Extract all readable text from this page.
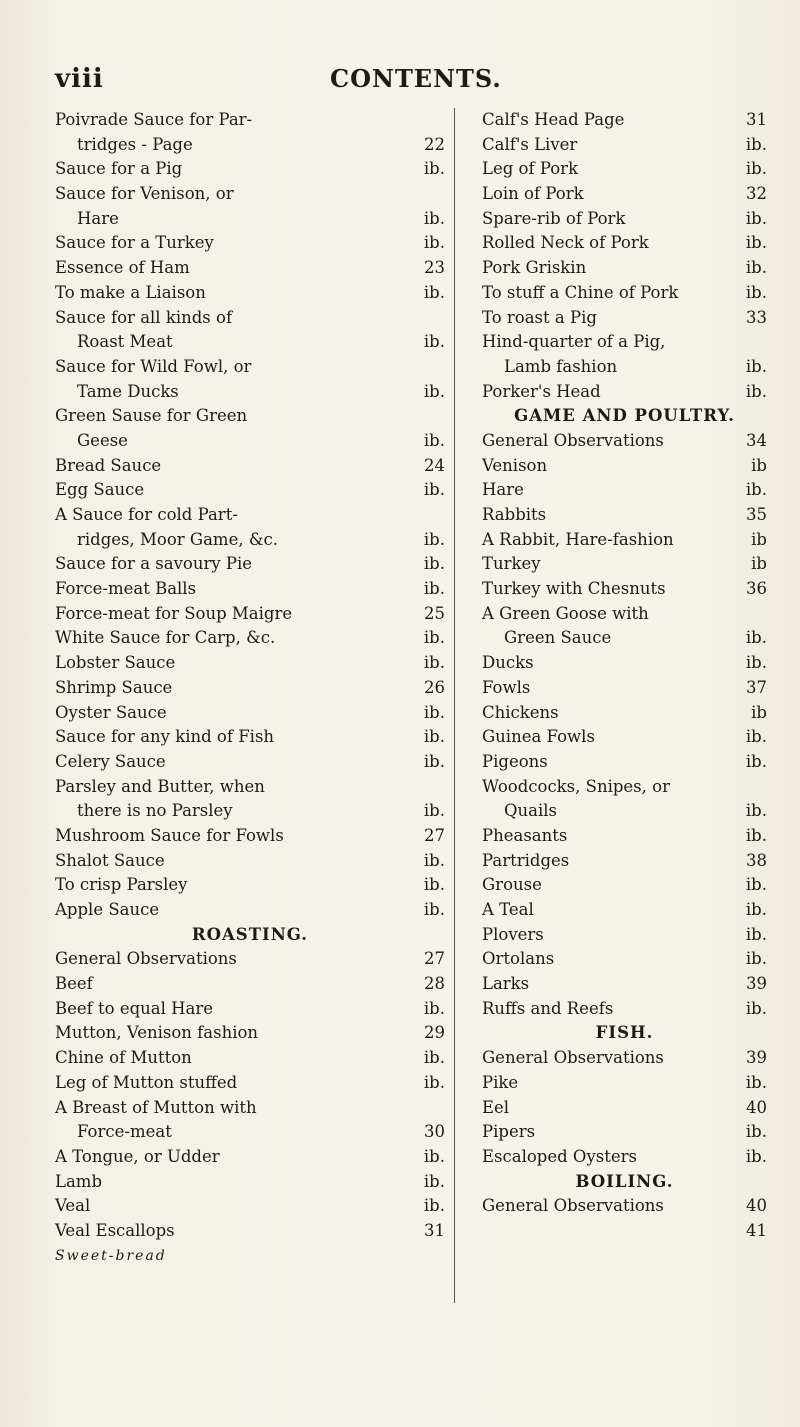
viii	CONTENTS.
Poivrade Sauce for Par-
tridges - Page	22
Sauce for a Pig	ib.
Sauce for Venison, or
Hare	ib.
Sauce for a Turkey	ib.
Essence of Ham	23
To make a Liaison	ib.
Sauce for all kinds of
Roast Meat	ib.
Sauce for Wild Fowl, or
Tame Ducks	ib.
Green Sause for Green
Geese	ib.
Bread Sauce	24
Egg Sauce	ib.
A Sauce for cold Part-
ridges, Moor Game, &c.	ib.
Sauce for a savoury Pie	ib.
Force-meat Balls	ib.
Force-meat for Soup Maigre	25
White Sauce for Carp, &c.	ib.
Lobster Sauce	ib.
Shrimp Sauce	26
Oyster Sauce	ib.
Sauce for any kind of Fish	ib.
Celery Sauce	ib.
Parsley and Butter, when
there is no Parsley	ib.
Mushroom Sauce for Fowls	27
Shalot Sauce	ib.
To crisp Parsley	ib.
Apple Sauce	ib.
ROASTING.
General Observations	27
Beef	28
Beef to equal Hare	ib.
Mutton, Venison fashion	29
Chine of Mutton	ib.
Leg of Mutton stuffed	ib.
A Breast of Mutton with
Force-meat	30
A Tongue, or Udder	ib.
Lamb	ib.
Veal	ib.
Veal Escallops	31
Sweet-bread
Calf's Head Page	31
Calf's Liver	ib.
Leg of Pork	ib.
Loin of Pork	32
Spare-rib of Pork	ib.
Rolled Neck of Pork	ib.
Pork Griskin	ib.
To stuff a Chine of Pork	ib.
To roast a Pig	33
Hind-quarter of a Pig,
Lamb fashion	ib.
Porker's Head	ib.
GAME AND POULTRY.
General Observations	34
Venison	ib
Hare	ib.
Rabbits	35
A Rabbit, Hare-fashion	ib
Turkey	ib
Turkey with Chesnuts	36
A Green Goose with
Green Sauce	ib.
Ducks	ib.
Fowls	37
Chickens	ib
Guinea Fowls	ib.
Pigeons	ib.
Woodcocks, Snipes, or
Quails	ib.
Pheasants	ib.
Partridges	38
Grouse	ib.
A Teal	ib.
Plovers	ib.
Ortolans	ib.
Larks	39
Ruffs and Reefs	ib.
FISH.
General Observations	39
Pike	ib.
Eel	40
Pipers	ib.
Escaloped Oysters	ib.
BOILING.
General Observations	40
41
